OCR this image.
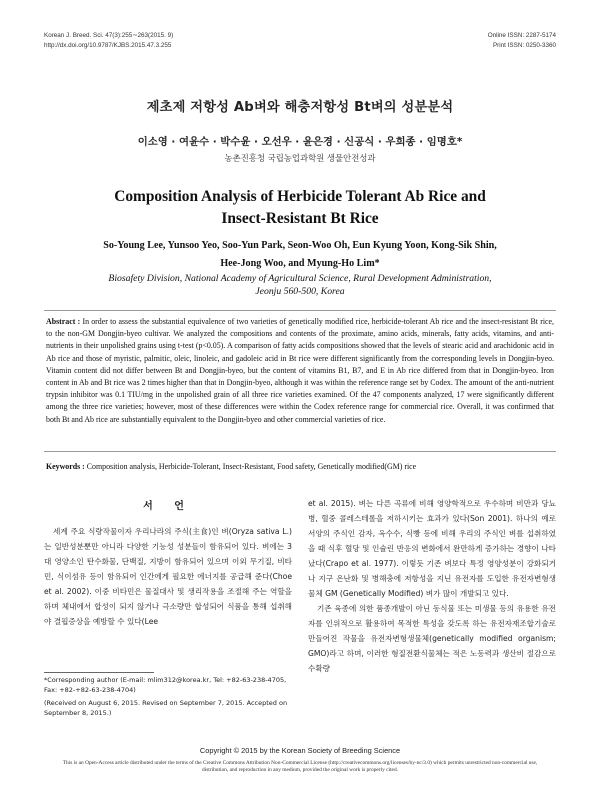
Korean J. Breed. Sci. 47(3):255∼263(2015. 9)
http://dx.doi.org/10.9787/KJBS.2015.47.3.255
Online ISSN: 2287-5174
Print ISSN: 0250-3360
제초제 저항성 Ab벼와 해충저항성 Bt벼의 성분분석
이소영 · 여윤수 · 박수윤 · 오선우 · 윤은경 · 신공식 · 우희종 · 임명호*
농촌진흥청 국립농업과학원 생물안전성과
Composition Analysis of Herbicide Tolerant Ab Rice and
Insect-Resistant Bt Rice
So-Young Lee, Yunsoo Yeo, Soo-Yun Park, Seon-Woo Oh, Eun Kyung Yoon, Kong-Sik Shin,
Hee-Jong Woo, and Myung-Ho Lim*
Biosafety Division, National Academy of Agricultural Science, Rural Development Administration,
Jeonju 560-500, Korea
Abstract : In order to assess the substantial equivalence of two varieties of genetically modified rice, herbicide-tolerant Ab rice and the insect-resistant Bt rice, to the non-GM Dongjin-byeo cultivar. We analyzed the compositions and contents of the proximate, amino acids, minerals, fatty acids, vitamins, and anti-nutrients in their unpolished grains using t-test (p<0.05). A comparison of fatty acids compositions showed that the levels of stearic acid and arachidonic acid in Ab rice and those of myristic, palmitic, oleic, linoleic, and gadoleic acid in Bt rice were different significantly from the corresponding levels in Dongjin-byeo. Vitamin content did not differ between Bt and Dongjin-byeo, but the content of vitamins B1, B7, and E in Ab rice differed from that in Dongjin-byeo. Iron content in Ab and Bt rice was 2 times higher than that in Dongjin-byeo, although it was within the reference range set by Codex. The amount of the anti-nutrient trypsin inhibitor was 0.1 TIU/mg in the unpolished grain of all three rice varieties examined. Of the 47 components analyzed, 17 were significantly different among the three rice varieties; however, most of these differences were within the Codex reference range for commercial rice. Overall, it was confirmed that both Bt and Ab rice are substantially equivalent to the Dongjin-byeo and other commercial varieties of rice.
Keywords : Composition analysis, Herbicide-Tolerant, Insect-Resistant, Food safety, Genetically modified(GM) rice
서 언

세계 주요 식량작물이자 우리나라의 주식(主食)인 벼(Oryza sativa L.)는 일반성분뿐만 아니라 다양한 기능성 성분들이 함유되어 있다. 벼에는 3대 영양소인 탄수화물, 단백질, 지방이 함유되어 있으며 이외 무기질, 비타민, 식이섬유 등이 함유되어 인간에게 필요한 에너지를 공급해 준다(Choe et al. 2002). 이중 비타민은 물질대사 및 생리작용을 조절해 주는 역할을 하며 체내에서 합성이 되지 않거나 극소량만 합성되어 식품을 통해 섭취해야 결핍증상을 예방할 수 있다(Lee

et al. 2015). 벼는 다른 곡류에 비해 영양학적으로 우수하며 비만과 당뇨병, 혈중 콜레스테롤을 저하시키는 효과가 있다(Son 2001). 하나의 예로 서양의 주식인 감자, 옥수수, 식빵 등에 비해 우리의 주식인 벼를 섭취하였을 때 식후 혈당 및 인슐린 반응의 변화에서 완만하게 증가하는 경향이 나타났다(Crapo et al. 1977). 이렇듯 기존 벼보다 특정 영양성분이 강화되거나 지구 온난화 및 병해충에 저항성을 지닌 유전자를 도입한 유전자변형생물체 GM (Genetically Modified) 벼가 많이 개발되고 있다.

기존 육종에 의한 품종개발이 아닌 동식물 또는 미생물 등의 유용한 유전자를 인위적으로 활용하여 목적한 특성을 갖도록 하는 유전자재조합기술로 만들어진 작물을 유전자변형생물체(genetically modified organism; GMO)라고 하며, 이러한 형질전환식물체는 적은 노동력과 생산비 절감으로 수확량

*Corresponding author (E-mail: mlim312@korea.kr, Tel: +82-63-238-4705, Fax: +82-+82-63-238-4704)

(Received on August 6, 2015. Revised on September 7, 2015. Accepted on September 8, 2015.)

Copyright © 2015 by the Korean Society of Breeding Science
This is an Open-Access article distributed under the terms of the Creative Commons Attribution Non-Commercial License (http://creativecommons.org/licenses/by-nc/3.0) which permits unrestricted non-commercial use, distribution, and reproduction in any medium, provided the original work is properly cited.
